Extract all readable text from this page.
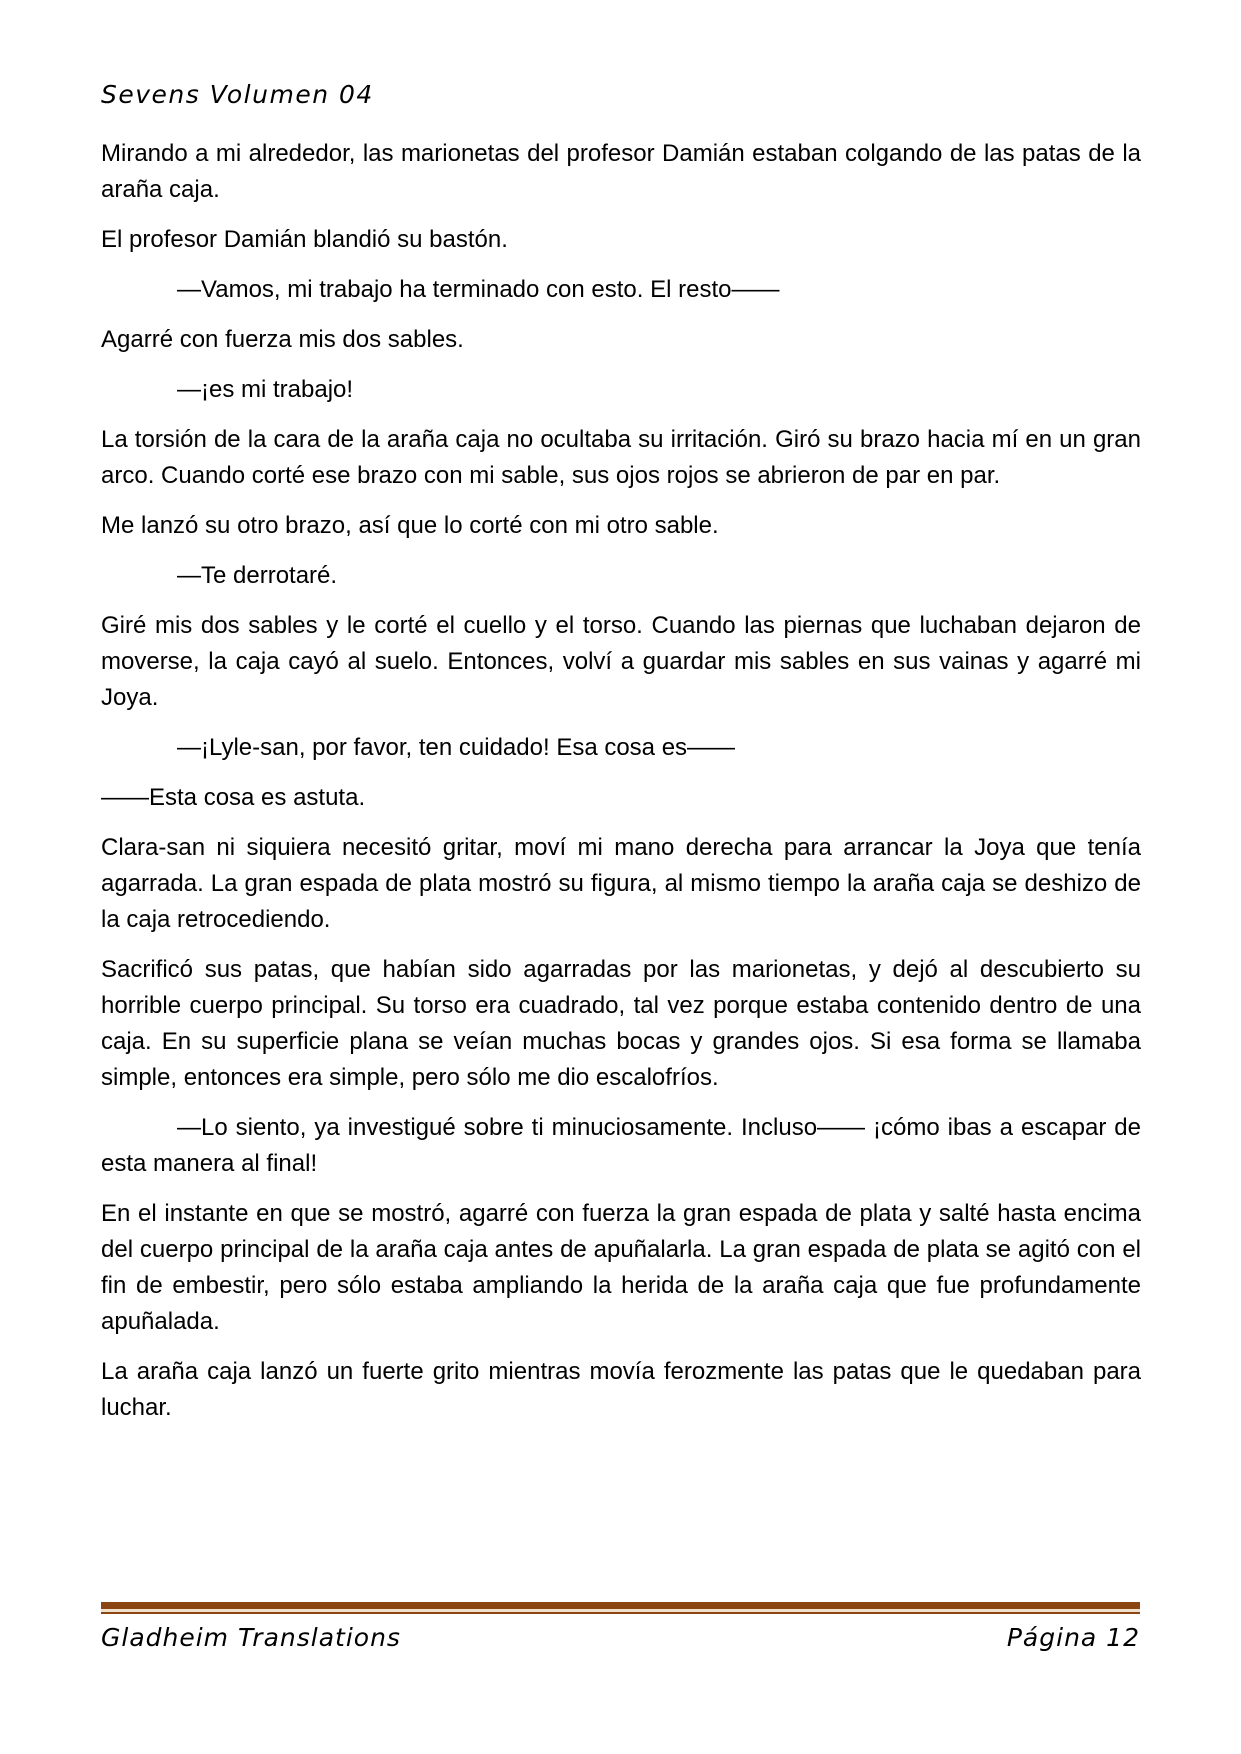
Sevens Volumen 04

Mirando a mi alrededor, las marionetas del profesor Damián estaban colgando de las patas de la araña caja.

El profesor Damián blandió su bastón.

—Vamos, mi trabajo ha terminado con esto. El resto——

Agarré con fuerza mis dos sables.

—¡es mi trabajo!

La torsión de la cara de la araña caja no ocultaba su irritación. Giró su brazo hacia mí en un gran arco. Cuando corté ese brazo con mi sable, sus ojos rojos se abrieron de par en par.

Me lanzó su otro brazo, así que lo corté con mi otro sable.

—Te derrotaré.

Giré mis dos sables y le corté el cuello y el torso. Cuando las piernas que luchaban dejaron de moverse, la caja cayó al suelo. Entonces, volví a guardar mis sables en sus vainas y agarré mi Joya.

—¡Lyle-san, por favor, ten cuidado! Esa cosa es——

——Esta cosa es astuta.

Clara-san ni siquiera necesitó gritar, moví mi mano derecha para arrancar la Joya que tenía agarrada. La gran espada de plata mostró su figura, al mismo tiempo la araña caja se deshizo de la caja retrocediendo.

Sacrificó sus patas, que habían sido agarradas por las marionetas, y dejó al descubierto su horrible cuerpo principal. Su torso era cuadrado, tal vez porque estaba contenido dentro de una caja. En su superficie plana se veían muchas bocas y grandes ojos. Si esa forma se llamaba simple, entonces era simple, pero sólo me dio escalofríos.

—Lo siento, ya investigué sobre ti minuciosamente. Incluso—— ¡cómo ibas a escapar de esta manera al final!

En el instante en que se mostró, agarré con fuerza la gran espada de plata y salté hasta encima del cuerpo principal de la araña caja antes de apuñalarla. La gran espada de plata se agitó con el fin de embestir, pero sólo estaba ampliando la herida de la araña caja que fue profundamente apuñalada.

La araña caja lanzó un fuerte grito mientras movía ferozmente las patas que le quedaban para luchar.

Gladheim Translations	Página 12
